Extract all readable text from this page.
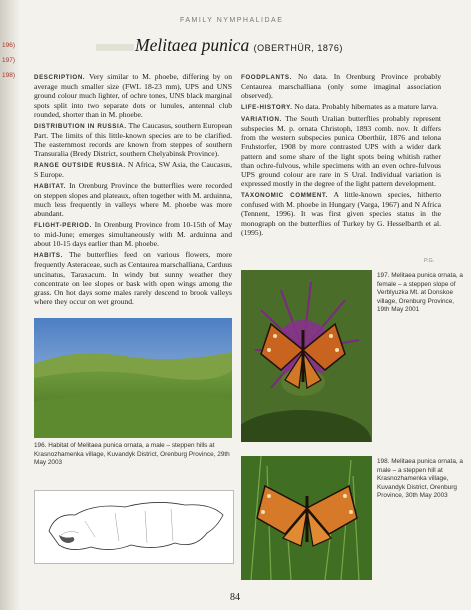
FAMILY NYMPHALIDAE
196)
197)
198)
Melitaea punica (OBERTHÜR, 1876)

DESCRIPTION. Very similar to M. phoebe, differing by on average much smaller size (FWL 18-23 mm), UPS and UNS ground colour much lighter, of ochre tones, UNS black marginal spots split into two separate dots or lunules, antennal club rounded, shorter than in M. phoebe.

DISTRIBUTION IN RUSSIA. The Caucasus, southern European Part. The limits of this little-known species are to be clarified. The easternmost records are known from steppes of southern Transuralia (Bredy District, southern Chelyabinsk Province).

RANGE OUTSIDE RUSSIA. N Africa, SW Asia, the Caucasus, S Europe.

HABITAT. In Orenburg Province the butterflies were recorded on steppen slopes and plateaux, often together with M. arduinna, much less frequently in valleys where M. phoebe was more abundant.

FLIGHT-PERIOD. In Orenburg Province from 10-15th of May to mid-June; emerges simultaneously with M. arduinna and about 10-15 days earlier than M. phoebe.

HABITS. The butterflies feed on various flowers, more frequently Asteraceae, such as Centaurea marschalliana, Carduus uncinatus, Taraxacum. In windy but sunny weather they concentrate on lee slopes or bask with open wings among the grass. On hot days some males rarely descend to brook valleys where they occur on wet ground.

FOODPLANTS. No data. In Orenburg Province probably Centaurea marschalliana (only some imaginal association observed).

LIFE-HISTORY. No data. Probably hibernates as a mature larva.

VARIATION. The South Uralian butterflies probably represent subspecies M. p. ornata Christoph, 1893 comb. nov. It differs from the western subspecies punica Oberthür, 1876 and telona Fruhstorfer, 1908 by more contrasted UPS with a wider dark pattern and some share of the light spots being whitish rather than ochre-fulvous, while specimens with an even ochre-fulvous UPS ground colour are rare in S Ural. Individual variation is expressed mostly in the degree of the light pattern development.

TAXONOMIC COMMENT. A little-known species, hitherto confused with M. phoebe in Hungary (Varga, 1967) and N Africa (Tennent, 1996). It was first given species status in the monograph on the butterflies of Turkey by G. Hesselbarth et al. (1995).

P.G.
196. Habitat of Melitaea punica ornata, a male – steppen hills at Krasnozhamenka village, Kuvandyk District, Orenburg Province, 29th May 2003
197. Melitaea punica ornata, a female – a steppen slope of Verblyuzka Mt. at Donskoe village, Orenburg Province, 19th May 2001
198. Melitaea punica ornata, a male – a steppen hill at Krasnozhamenka village, Kuvandyk District, Orenburg Province, 30th May 2003
84
